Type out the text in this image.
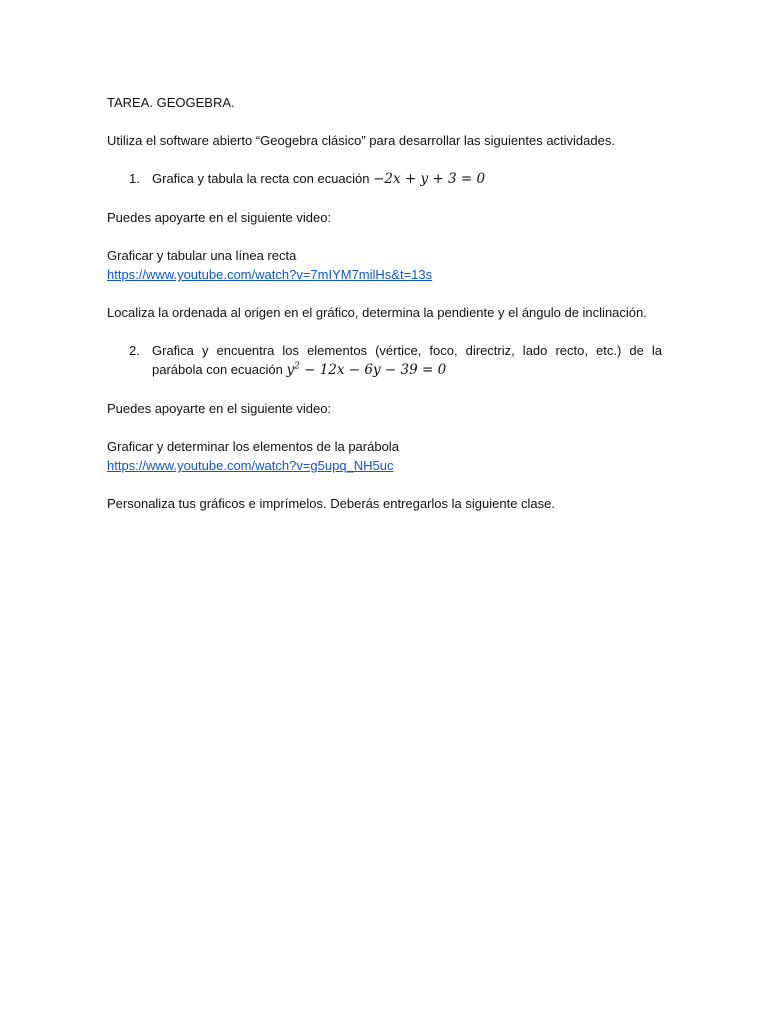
TAREA. GEOGEBRA.

Utiliza el software abierto “Geogebra clásico” para desarrollar las siguientes actividades.

1. Grafica y tabula la recta con ecuación −2x + y + 3 = 0

Puedes apoyarte en el siguiente video:

Graficar y tabular una línea recta

https://www.youtube.com/watch?v=7mIYM7milHs&t=13s

Localiza la ordenada al origen en el gráfico, determina la pendiente y el ángulo de inclinación.

2. Grafica y encuentra los elementos (vértice, foco, directriz, lado recto, etc.) de la parábola con ecuación $y^2 - 12x - 6y - 39 = 0$

Puedes apoyarte en el siguiente video:

Graficar y determinar los elementos de la parábola

https://www.youtube.com/watch?v=g5upq_NH5uc

Personaliza tus gráficos e imprímelos. Deberás entregarlos la siguiente clase.
